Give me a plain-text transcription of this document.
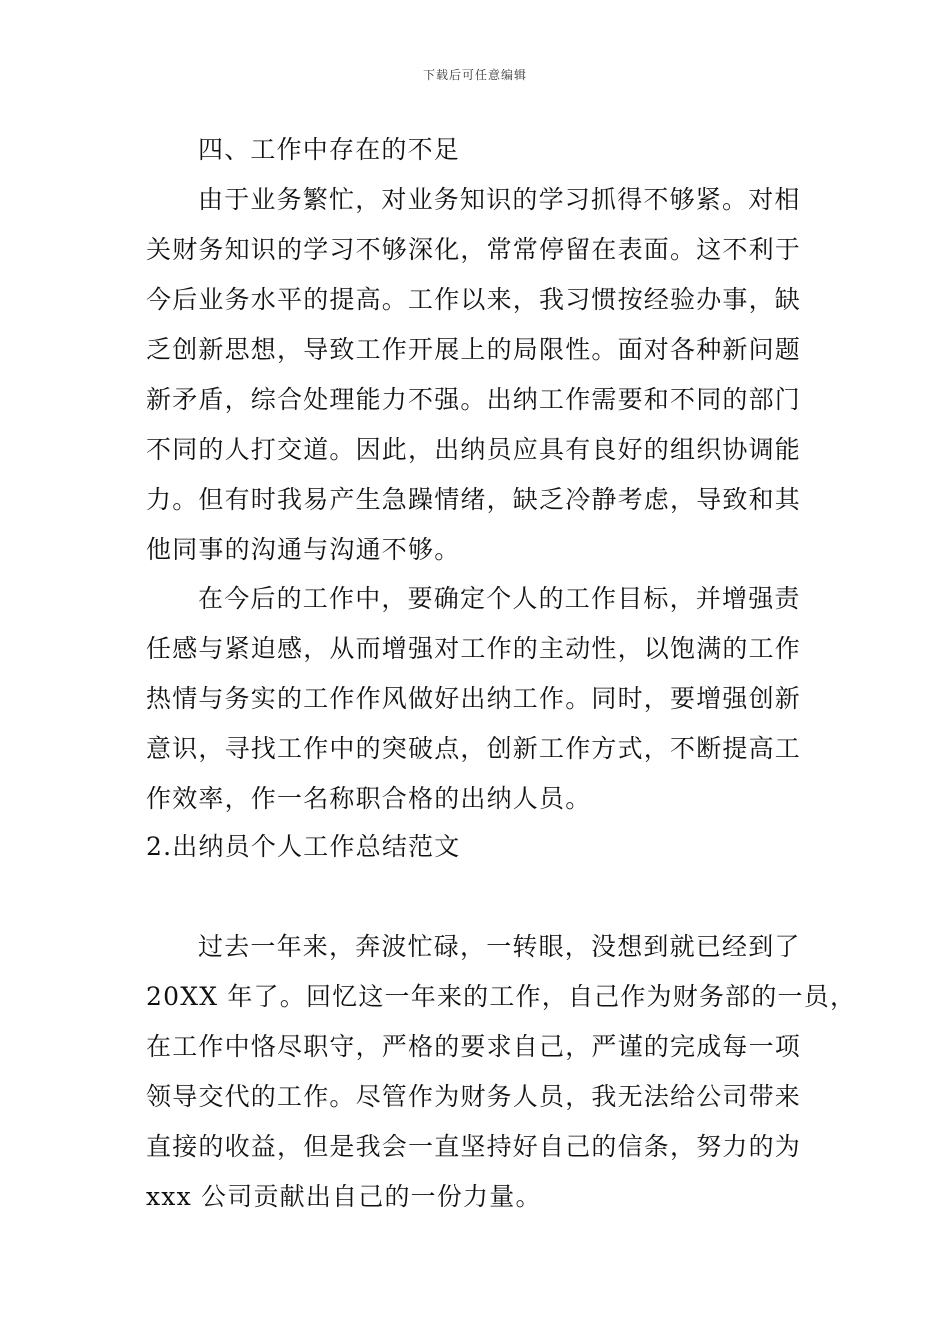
下载后可任意编辑
四、工作中存在的不足
由于业务繁忙，对业务知识的学习抓得不够紧。对相
关财务知识的学习不够深化，常常停留在表面。这不利于
今后业务水平的提高。工作以来，我习惯按经验办事，缺
乏创新思想，导致工作开展上的局限性。面对各种新问题
新矛盾，综合处理能力不强。出纳工作需要和不同的部门
不同的人打交道。因此，出纳员应具有良好的组织协调能
力。但有时我易产生急躁情绪，缺乏冷静考虑，导致和其
他同事的沟通与沟通不够。
在今后的工作中，要确定个人的工作目标，并增强责
任感与紧迫感，从而增强对工作的主动性，以饱满的工作
热情与务实的工作作风做好出纳工作。同时，要增强创新
意识，寻找工作中的突破点，创新工作方式，不断提高工
作效率，作一名称职合格的出纳人员。
2.出纳员个人工作总结范文
过去一年来，奔波忙碌，一转眼，没想到就已经到了
20XX 年了。回忆这一年来的工作，自己作为财务部的一员，
在工作中恪尽职守，严格的要求自己，严谨的完成每一项
领导交代的工作。尽管作为财务人员，我无法给公司带来
直接的收益，但是我会一直坚持好自己的信条，努力的为
xxx 公司贡献出自己的一份力量。
